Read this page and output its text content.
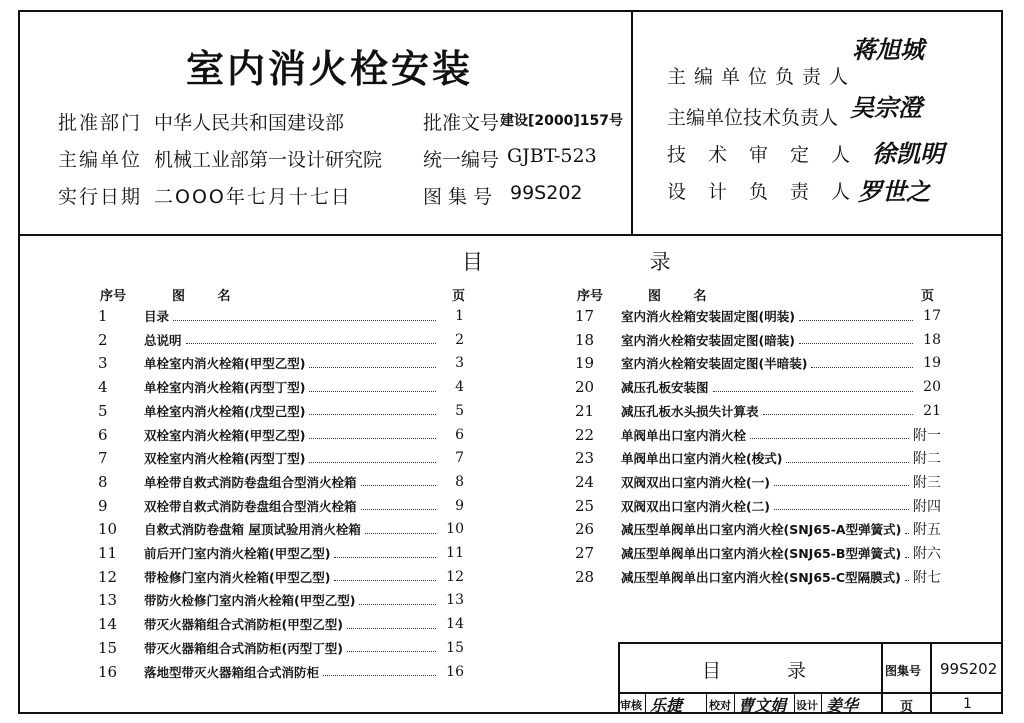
室内消火栓安装
批准部门 中华人民共和国建设部	批准文号 建设[2000]157号
主编单位 机械工业部第一设计研究院 统一编号 GJBT-523
实行日期 二OOO年七月十七日	图集号 99S202
主编单位负责人
蒋旭城
主编单位技术负责人 吴宗澄
技术审定人 徐凯明
设计负责人
罗世之
目 录
序号	图 名	页	序号	图 名	页
1	目录	1
2	总说明	2
3	单栓室内消火栓箱(甲型乙型)	3
4	单栓室内消火栓箱(丙型丁型)	4
5	单栓室内消火栓箱(戊型己型)	5
6	双栓室内消火栓箱(甲型乙型)	6
7	双栓室内消火栓箱(丙型丁型)	7
8	单栓带自救式消防卷盘组合型消火栓箱	8
9	双栓带自救式消防卷盘组合型消火栓箱	9
10	自救式消防卷盘箱 屋顶试验用消火栓箱	10
11	前后开门室内消火栓箱(甲型乙型)	11
12	带检修门室内消火栓箱(甲型乙型)	12
13	带防火检修门室内消火栓箱(甲型乙型)	13
14	带灭火器箱组合式消防柜(甲型乙型)	14
15	带灭火器箱组合式消防柜(丙型丁型)	15
16	落地型带灭火器箱组合式消防柜	16
17	室内消火栓箱安装固定图(明装)	17
18	室内消火栓箱安装固定图(暗装)	18
19	室内消火栓箱安装固定图(半暗装)	19
20	减压孔板安装图	20
21	减压孔板水头损失计算表	21
22	单阀单出口室内消火栓	附一
23	单阀单出口室内消火栓(梭式)	附二
24	双阀双出口室内消火栓(一)	附三
25	双阀双出口室内消火栓(二)	附四
26	减压型单阀单出口室内消火栓(SNJ65-A型弹簧式) 附五
27	减压型单阀单出口室内消火栓(SNJ65-B型弹簧式) 附六
28	减压型单阀单出口室内消火栓(SNJ65-C型隔膜式) 附七
目 录	图集号 99S202
审核 乐捷 校对 曹文娟 设计 姜华	页	1
